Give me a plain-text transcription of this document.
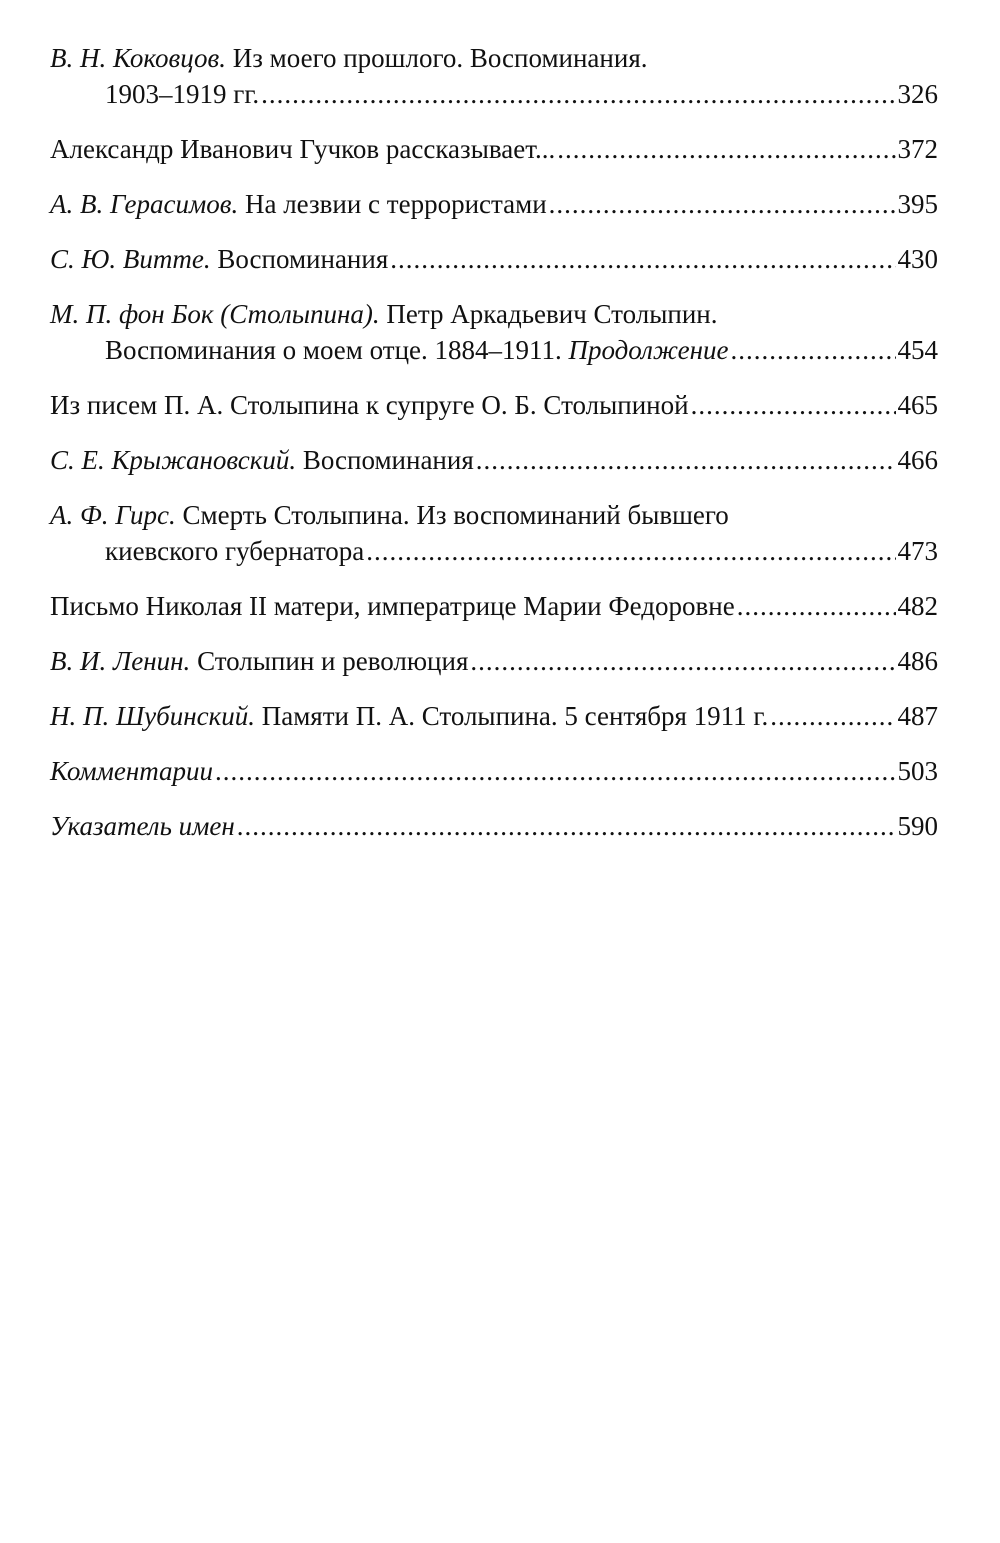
В. Н. Коковцов. Из моего прошлого. Воспоминания.
1903–1919 гг. .....	326
Александр Иванович Гучков рассказывает... .....	372
А. В. Герасимов. На лезвии с террористами .....	395
С. Ю. Витте. Воспоминания .....	430
М. П. фон Бок (Столыпина). Петр Аркадьевич Столыпин.
Воспоминания о моем отце. 1884–1911. Продолжение .....	454
Из писем П. А. Столыпина к супруге О. Б. Столыпиной .....	465
С. Е. Крыжановский. Воспоминания .....	466
А. Ф. Гирс. Смерть Столыпина. Из воспоминаний бывшего
киевского губернатора .....	473
Письмо Николая II матери, императрице Марии Федоровне .....	482
В. И. Ленин. Столыпин и революция .....	486
Н. П. Шубинский. Памяти П. А. Столыпина. 5 сентября 1911 г. .....	487
Комментарии .....	503
Указатель имен .....	590
